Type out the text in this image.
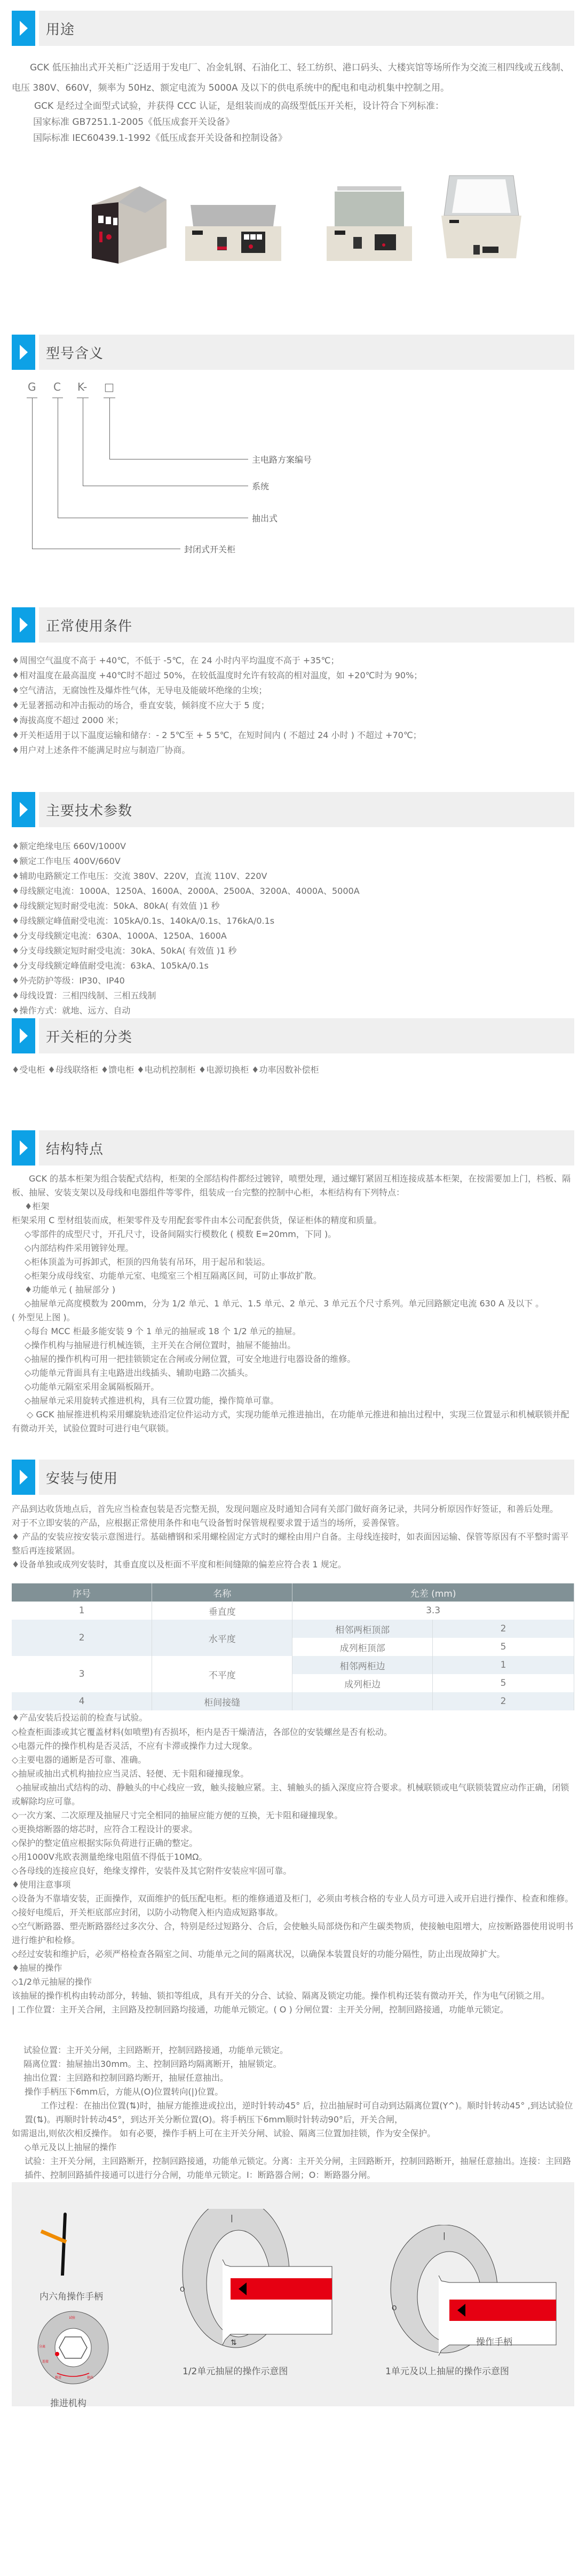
用途

GCK 低压抽出式开关柜广泛适用于发电厂、冶金轧钢、石油化工、轻工纺织、港口码头、大楼宾馆等场所作为交流三相四线或五线制、电压 380V、660V，频率为 50Hz、额定电流为 5000A 及以下的供电系统中的配电和电动机集中控制之用。

GCK 是经过全面型式试验，并获得 CCC 认证，是组装而成的高级型低压开关柜，设计符合下列标准：

国家标准 GB7251.1-2005《低压成套开关设备》

国际标准 IEC60439.1-1992《低压成套开关设备和控制设备》

型号含义
G C K- □
主电路方案编号
系统
抽出式
封闭式开关柜
正常使用条件

♦周围空气温度不高于 +40℃，不低于 -5℃，在 24 小时内平均温度不高于 +35℃；

♦相对温度在最高温度 +40℃时不超过 50%，在较低温度时允许有较高的相对温度，如 +20℃时为 90%；

♦空气清洁，无腐蚀性及爆炸性气体，无导电及能破坏绝缘的尘埃；

♦无显著摇动和冲击振动的场合，垂直安装，倾斜度不应大于 5 度；

♦海拔高度不超过 2000 米；

♦开关柜适用于以下温度运输和储存：- 2 5℃至 + 5 5℃，在短时间内 ( 不超过 24 小时 ) 不超过 +70℃；

♦用户对上述条件不能满足时应与制造厂协商。

主要技术参数

♦额定绝缘电压 660V/1000V

♦额定工作电压 400V/660V

♦辅助电路额定工作电压：交流 380V、220V，直流 110V、220V

♦母线额定电流：1000A、1250A、1600A、2000A、2500A、3200A、4000A、5000A

♦母线额定短时耐受电流：50kA、80kA( 有效值 )1 秒

♦母线额定峰值耐受电流：105kA/0.1s、140kA/0.1s、176kA/0.1s

♦分支母线额定电流：630A、1000A、1250A、1600A

♦分支母线额定短时耐受电流：30kA、50kA( 有效值 )1 秒

♦分支母线额定峰值耐受电流：63kA、105kA/0.1s

♦外壳防护等级：IP30、IP40

♦母线设置：三相四线制、三相五线制

♦操作方式：就地、远方、自动

开关柜的分类

♦受电柜 ♦母线联络柜 ♦馈电柜 ♦电动机控制柜 ♦电源切换柜 ♦功率因数补偿柜

结构特点

GCK 的基本柜架为组合装配式结构，柜架的全部结构件都经过镀锌，喷塑处理，通过螺钉紧固互相连接成基本柜架，在按需要加上门，档板、隔板、抽屉、安装支架以及母线和电器组件等零件，组装成一台完整的控制中心柜，本柜结构有下列特点：

♦柜架

柜架采用 C 型材组装而成，柜架零件及专用配套零件由本公司配套供货，保证柜体的精度和质量。

◇零部件的成型尺寸，开孔尺寸，设备间隔实行模数化 ( 模数 E=20mm，下同 )。

◇内部结构件采用镀锌处理。

◇柜体顶盖为可拆卸式，柜顶的四角装有吊环，用于起吊和装运。

◇柜架分成母线室、功能单元室、电缆室三个相互隔离区间，可防止事故扩散。

♦功能单元 ( 抽屉部分 )

◇抽屉单元高度模数为 200mm，分为 1/2 单元、1 单元、1.5 单元、2 单元、3 单元五个尺寸系列。单元回路额定电流 630 A 及以下 。

( 外型见上图 )。

◇每台 MCC 柜最多能安装 9 个 1 单元的抽屉或 18 个 1/2 单元的抽屉。

◇操作机构与抽屉进行机械连锁，主开关在合闸位置时，抽屉不能抽出。

◇抽屉的操作机构可用一把挂锁锁定在合闸或分闸位置，可安全地进行电器设备的维修。

◇功能单元背面具有主电路进出线插头、辅助电路二次插头。

◇功能单元隔室采用金属隔板隔开。

◇抽屉单元采用旋转式推进机构，具有三位置功能，操作简单可靠。

◇ GCK 抽屉推进机构采用螺旋轨迹沿定位件运动方式，实现功能单元推进抽出，在功能单元推进和抽出过程中，实现三位置显示和机械联锁并配有微动开关，试验位置时可进行电气联锁。

安装与使用

产品到达收货地点后，首先应当检查包装是否完整无损，发现问题应及时通知合同有关部门做好商务记录，共同分析原因作好签证，和善后处理。

对于不立即安装的产品，应根据正常使用条件和电气设备暂时保管规程要求置于适当的场所，妥善保管。

♦ 产品的安装应按安装示意图进行。基础槽钢和采用螺栓固定方式时的螺栓由用户自备。主母线连接时，如表面因运输、保管等原因有不平整时需平整后再连接紧固。

♦设备单独或成列安装时，其垂直度以及柜面不平度和柜间缝隙的偏差应符合表 1 规定。

序号	名称	允差 (mm)	
1	垂直度	3.3	
2	水平度	相邻两柜顶部	2
		成列柜顶部	5
3	不平度	相邻两柜边	1
		成列柜边	5
4	柜间接缝		2

♦产品安装后投运前的检查与试验。

◇检查柜面漆或其它覆盖材料(如喷塑)有否损坏，柜内是否干燥清洁，各部位的安装螺丝是否有松动。

◇电器元件的操作机构是否灵活，不应有卡滞或操作力过大现象。

◇主要电器的通断是否可靠、准确。

◇抽屉或抽出式机构抽拉应当灵活、轻便、无卡阻和碰撞现象。

◇抽屉或抽出式结构的动、静触头的中心线应一致，触头接触应紧。主、辅触头的插入深度应符合要求。机械联锁或电气联锁装置应动作正确，闭锁或解除均应可靠。

◇一次方案、二次原理及抽屉尺寸完全相同的抽屉应能方便的互换，无卡阻和碰撞现象。

◇更换熔断器的熔芯时，应符合工程设计的要求。

◇保护的整定值应根据实际负荷进行正确的整定。

◇用1000V兆欧表测量绝缘电阻值不得低于10MΩ。

◇各母线的连接应良好，绝缘支撑件，安装件及其它附件安装应牢固可靠。

♦使用注意事项

◇设备为不靠墙安装，正面操作，双面维护的低压配电柜。柜的维修通道及柜门，必须由考核合格的专业人员方可进入或开启进行操作、检查和维修。

◇接好电缆后，开关柜底部应封闭，以防小动物爬入柜内造成短路事故。

◇空气断路器、塑壳断路器经过多次分、合，特别是经过短路分、合后，会使触头局部烧伤和产生碳类物质，使接触电阻增大，应按断路器使用说明书进行维护和检修。

◇经过安装和维护后，必须严格检查各隔室之间、功能单元之间的隔离状况，以确保本装置良好的功能分隔性，防止出现故障扩大。

♦抽屉的操作

◇1/2单元抽屉的操作

该抽屉的操作机构由转动部分，转轴、锁扣等组成，具有开关的分合、试验、隔离及锁定功能。操作机构还装有微动开关，作为电气闭锁之用。

| 工作位置：主开关合闸，主回路及控制回路均接通，功能单元锁定。( O ) 分闸位置：主开关分闸，控制回路接通，功能单元锁定。

试验位置：主开关分闸，主回路断开，控制回路接通，功能单元锁定。

隔离位置：抽屉抽出30mm。主、控制回路均隔离断开，抽屉锁定。

抽出位置：主回路和控制回路均断开，抽屉任意抽出。

操作手柄压下6mm后，方能从(O)位置转向(|)位置。

工作过程：在抽出位置(⇅)时，抽屉方能推进或拉出，逆时针转动45° 后，拉出抽屉时可自动到达隔离位置(Y^)。顺时针转动45° ,到达试验位置(⇅)。再顺时针转动45°，到达开关分断位置(O)。将手柄压下6mm顺时针转动90°后，开关合闸，

如需退出,则依次相反操作。 如有必要，操作手柄上可在主开关分闸、试验、隔离三位置加挂锁，作为安全保护。

◇单元及以上抽屉的操作

试验：主开关分闸，主回路断开，控制回路接通，功能单元锁定。分离：主开关分闸，主回路断开，控制回路断开，抽屉任意抽出。连接：主回路插件、控制回路插件接通可以进行分合闸，功能单元锁定。I：断路器合闸；O：断路器分闸。

内六角操作手柄
试验
分离
连接
推进	抽出
推进机构
|
O
⇅
1/2单元抽屉的操作示意图
|
O
操作手柄
1单元及以上抽屉的操作示意图
